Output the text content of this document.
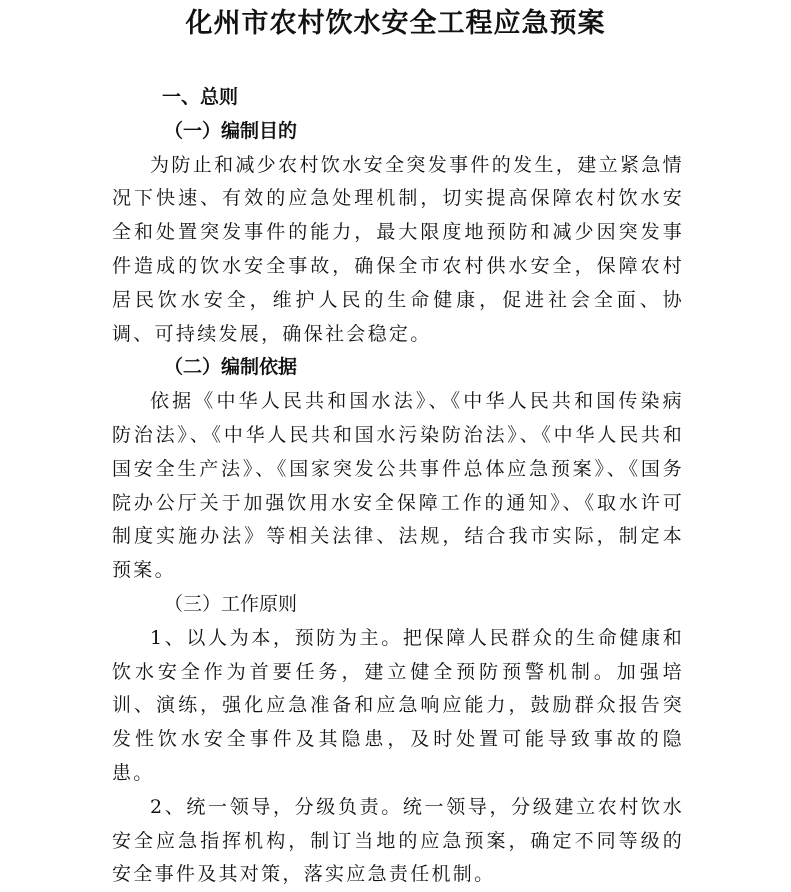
化州市农村饮水安全工程应急预案

一、总则

（一）编制目的

为防止和减少农村饮水安全突发事件的发生，建立紧急情况下快速、有效的应急处理机制，切实提高保障农村饮水安全和处置突发事件的能力，最大限度地预防和减少因突发事件造成的饮水安全事故，确保全市农村供水安全，保障农村居民饮水安全，维护人民的生命健康，促进社会全面、协调、可持续发展，确保社会稳定。

（二）编制依据

依据《中华人民共和国水法》、《中华人民共和国传染病防治法》、《中华人民共和国水污染防治法》、《中华人民共和国安全生产法》、《国家突发公共事件总体应急预案》、《国务院办公厅关于加强饮用水安全保障工作的通知》、《取水许可制度实施办法》等相关法律、法规，结合我市实际，制定本预案。

（三）工作原则

1、以人为本，预防为主。把保障人民群众的生命健康和饮水安全作为首要任务，建立健全预防预警机制。加强培训、演练，强化应急准备和应急响应能力，鼓励群众报告突发性饮水安全事件及其隐患，及时处置可能导致事故的隐患。

2、统一领导，分级负责。统一领导，分级建立农村饮水安全应急指挥机构，制订当地的应急预案，确定不同等级的安全事件及其对策，落实应急责任机制。
